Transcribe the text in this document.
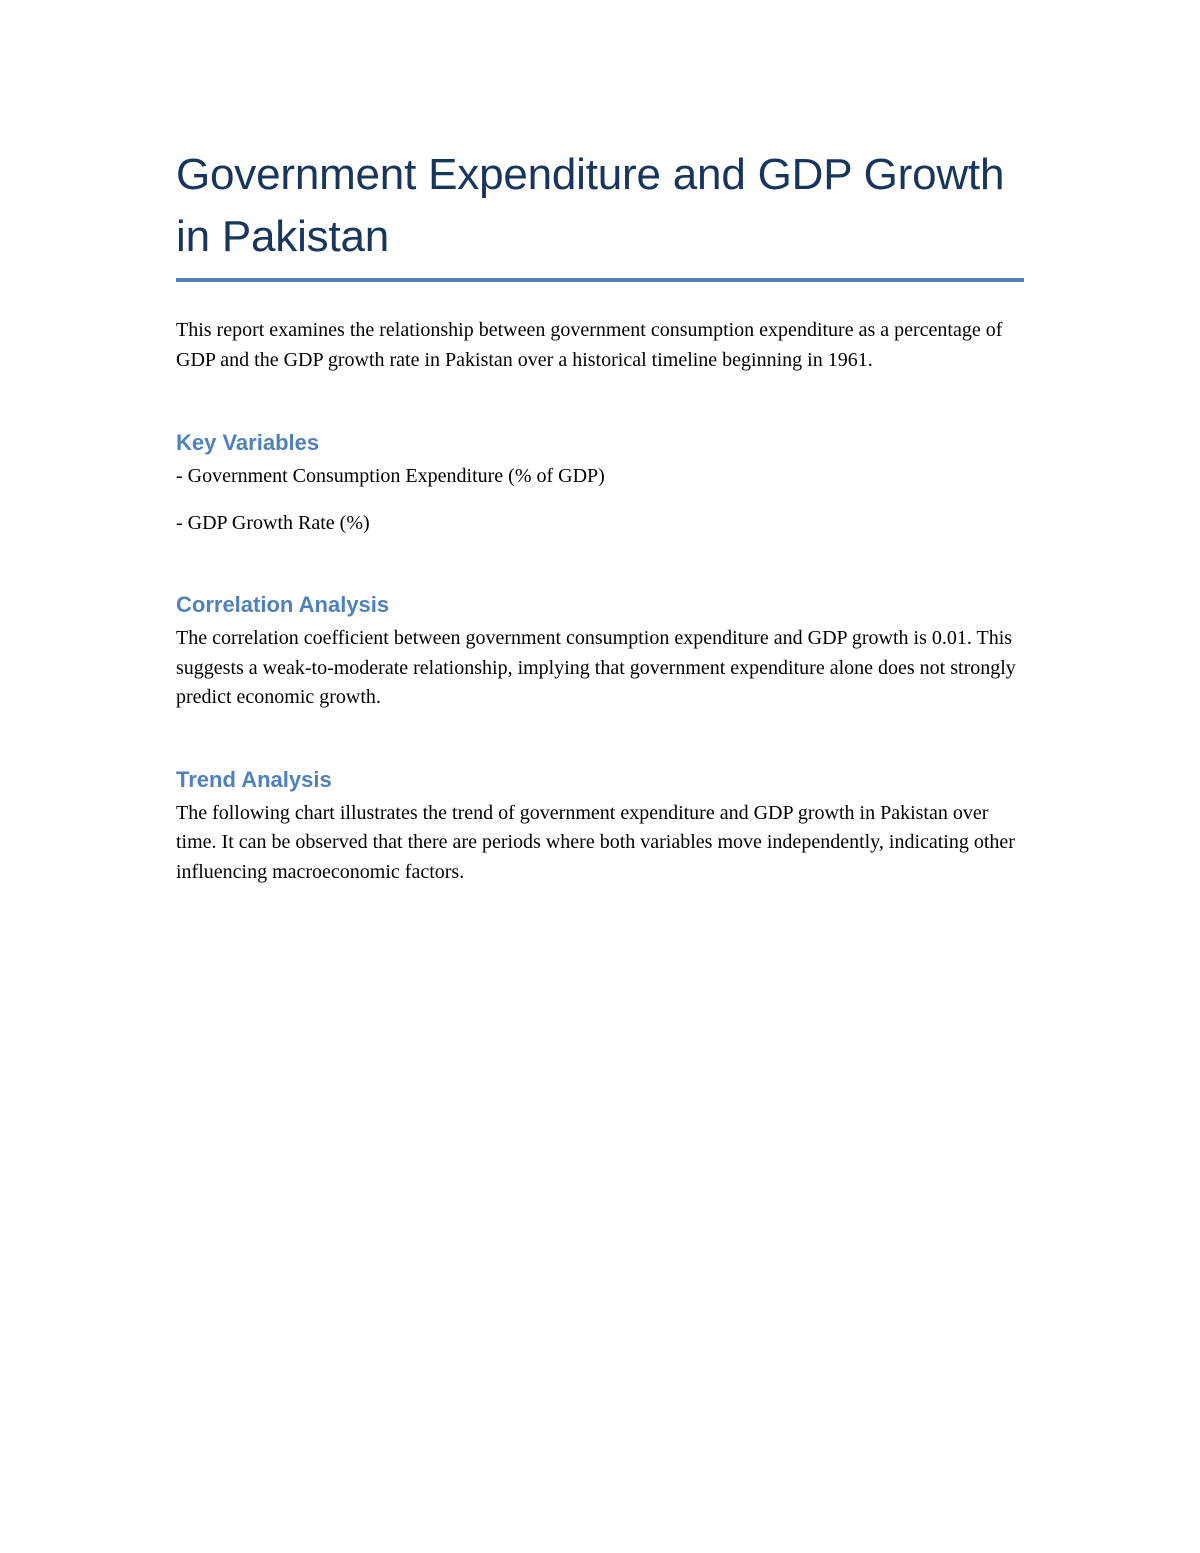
Government Expenditure and GDP Growth in Pakistan

This report examines the relationship between government consumption expenditure as a percentage of GDP and the GDP growth rate in Pakistan over a historical timeline beginning in 1961.

Key Variables

- Government Consumption Expenditure (% of GDP)

- GDP Growth Rate (%)

Correlation Analysis

The correlation coefficient between government consumption expenditure and GDP growth is 0.01. This suggests a weak-to-moderate relationship, implying that government expenditure alone does not strongly predict economic growth.

Trend Analysis

The following chart illustrates the trend of government expenditure and GDP growth in Pakistan over time. It can be observed that there are periods where both variables move independently, indicating other influencing macroeconomic factors.
